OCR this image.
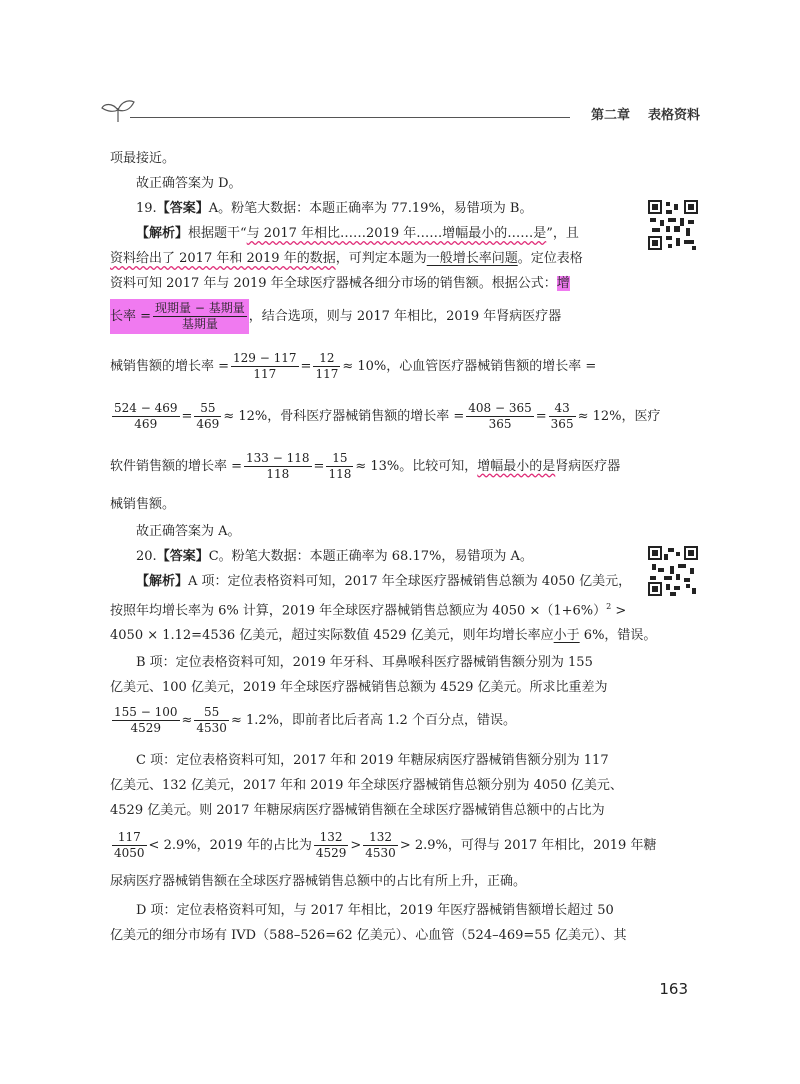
第二章 表格资料

项最接近。

故正确答案为 D。

19.【答案】A。粉笔大数据：本题正确率为 77.19%，易错项为 B。

【解析】根据题干“与 2017 年相比……2019 年……增幅最小的……是”，且

资料给出了 2017 年和 2019 年的数据，可判定本题为一般增长率问题。定位表格

资料可知 2017 年与 2019 年全球医疗器械各细分市场的销售额。根据公式：增

长率 = $\frac{\text{现期量 − 基期量}}{\text{基期量}}$ ，结合选项，则与 2017 年相比，2019 年肾病医疗器
械销售额的增长率 = $\frac{129 - 117}{117} = \frac{12}{117} \approx 10\%$，心血管医疗器械销售额的增长率 =
$\frac{524 - 469}{469} = \frac{55}{469} \approx 12\%$，骨科医疗器械销售额的增长率 = $\frac{408 - 365}{365} = \frac{43}{365} \approx 12\%$，医疗
软件销售额的增长率 = $\frac{133 - 118}{118} = \frac{15}{118} \approx 13\%$。比较可知， 增幅最小的是 肾病医疗器

械销售额。

故正确答案为 A。

20.【答案】C。粉笔大数据：本题正确率为 68.17%，易错项为 A。

【解析】A 项：定位表格资料可知，2017 年全球医疗器械销售总额为 4050 亿美元，

按照年均增长率为 6% 计算，2019 年全球医疗器械销售总额应为 $4050 \times(1+6\%)^2$ >

4050 × 1.12=4536 亿美元，超过实际数值 4529 亿美元，则年均增长率应小于 6%，错误。

B 项：定位表格资料可知，2019 年牙科、耳鼻喉科医疗器械销售额分别为 155

亿美元、100 亿美元，2019 年全球医疗器械销售总额为 4529 亿美元。所求比重差为

$\frac{155 - 100}{4529} \approx \frac{55}{4530} \approx 1.2\%$，即前者比后者高 1.2 个百分点，错误。

C 项：定位表格资料可知，2017 年和 2019 年糖尿病医疗器械销售额分别为 117

亿美元、132 亿美元，2017 年和 2019 年全球医疗器械销售总额分别为 4050 亿美元、

4529 亿美元。则 2017 年糖尿病医疗器械销售额在全球医疗器械销售总额中的占比为

$\frac{117}{4050} < 2.9\%$，2019 年的占比为 $\frac{132}{4529} > \frac{132}{4530} > 2.9\%$，可得与 2017 年相比，2019 年糖

尿病医疗器械销售额在全球医疗器械销售总额中的占比有所上升，正确。

D 项：定位表格资料可知，与 2017 年相比，2019 年医疗器械销售额增长超过 50

亿美元的细分市场有 IVD（588–526=62 亿美元）、心血管（524–469=55 亿美元）、其

163
